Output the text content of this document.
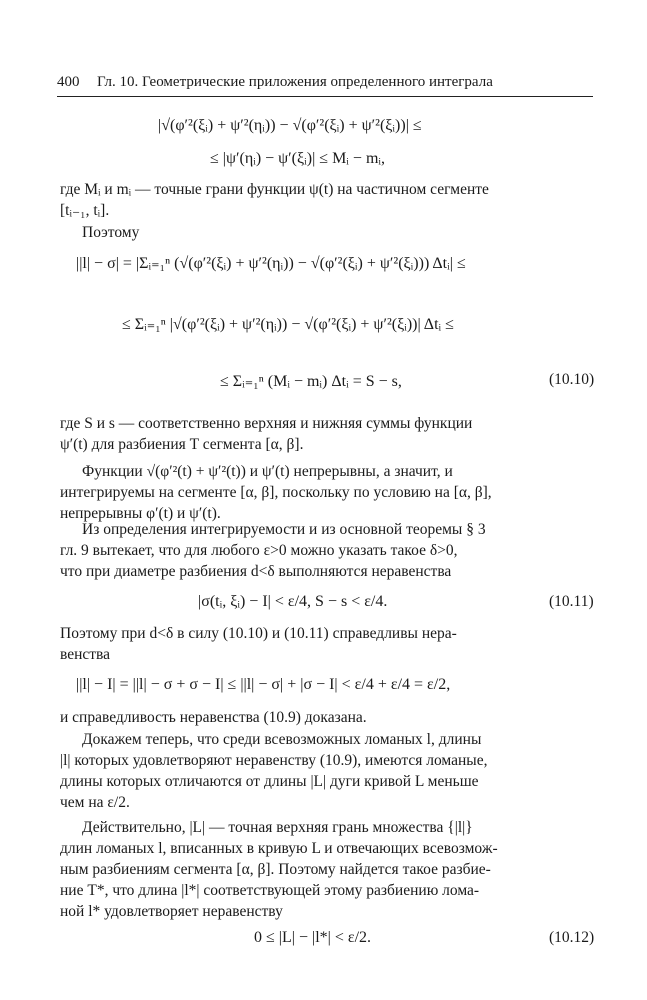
400	Гл. 10. Геометрические приложения определенного интеграла
|√(φ′²(ξᵢ) + ψ′²(ηᵢ)) − √(φ′²(ξᵢ) + ψ′²(ξᵢ))| ≤
≤ |ψ′(ηᵢ) − ψ′(ξᵢ)| ≤ Mᵢ − mᵢ,
где Mᵢ и mᵢ — точные грани функции ψ(t) на частичном сегменте
[tᵢ₋₁, tᵢ].
Поэтому
||l| − σ| = |Σᵢ₌₁ⁿ (√(φ′²(ξᵢ) + ψ′²(ηᵢ)) − √(φ′²(ξᵢ) + ψ′²(ξᵢ))) Δtᵢ| ≤
≤ Σᵢ₌₁ⁿ |√(φ′²(ξᵢ) + ψ′²(ηᵢ)) − √(φ′²(ξᵢ) + ψ′²(ξᵢ))| Δtᵢ ≤
≤ Σᵢ₌₁ⁿ (Mᵢ − mᵢ) Δtᵢ = S − s,	(10.10)
где S и s — соответственно верхняя и нижняя суммы функции
ψ′(t) для разбиения T сегмента [α, β].
Функции √(φ′²(t) + ψ′²(t)) и ψ′(t) непрерывны, а значит, и
интегрируемы на сегменте [α, β], поскольку по условию на [α, β],
непрерывны φ′(t) и ψ′(t).
Из определения интегрируемости и из основной теоремы § 3
гл. 9 вытекает, что для любого ε>0 можно указать такое δ>0,
что при диаметре разбиения d<δ выполняются неравенства
|σ(tᵢ, ξᵢ) − I| < ε/4, S − s < ε/4.	(10.11)
Поэтому при d<δ в силу (10.10) и (10.11) справедливы нера-
венства
||l| − I| = ||l| − σ + σ − I| ≤ ||l| − σ| + |σ − I| < ε/4 + ε/4 = ε/2,
и справедливость неравенства (10.9) доказана.
Докажем теперь, что среди всевозможных ломаных l, длины
|l| которых удовлетворяют неравенству (10.9), имеются ломаные,
длины которых отличаются от длины |L| дуги кривой L меньше
чем на ε/2.
Действительно, |L| — точная верхняя грань множества {|l|}
длин ломаных l, вписанных в кривую L и отвечающих всевозмож-
ным разбиениям сегмента [α, β]. Поэтому найдется такое разбие-
ние T*, что длина |l*| соответствующей этому разбиению лома-
ной l* удовлетворяет неравенству
0 ≤ |L| − |l*| < ε/2.	(10.12)
